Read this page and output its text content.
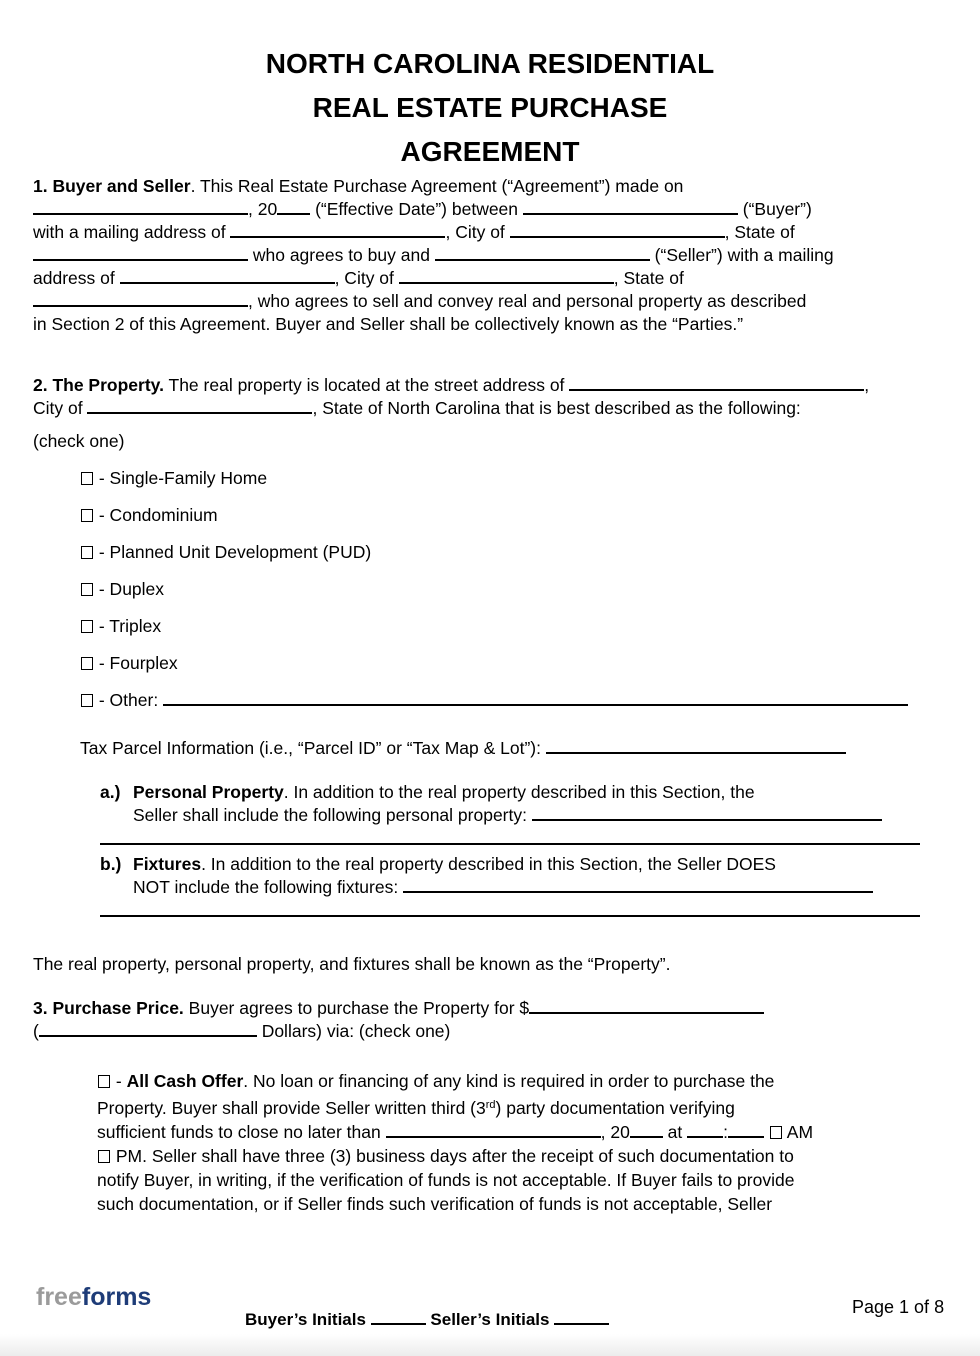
NORTH CAROLINA RESIDENTIAL
REAL ESTATE PURCHASE
AGREEMENT
1. Buyer and Seller. This Real Estate Purchase Agreement (“Agreement”) made on
, 20 (“Effective Date”) between	(“Buyer”)
with a mailing address of	, City of	, State of
who agrees to buy and	(“Seller”) with a mailing
address of	, City of	, State of
, who agrees to sell and convey real and personal property as described
in Section 2 of this Agreement. Buyer and Seller shall be collectively known as the “Parties.”
2. The Property. The real property is located at the street address of	,
City of	, State of North Carolina that is best described as the following:
(check one)
- Single-Family Home
- Condominium
- Planned Unit Development (PUD)
- Duplex
- Triplex
- Fourplex
- Other:
Tax Parcel Information (i.e., “Parcel ID” or “Tax Map & Lot”):
a.) Personal Property. In addition to the real property described in this Section, the
Seller shall include the following personal property:
b.) Fixtures. In addition to the real property described in this Section, the Seller DOES
NOT include the following fixtures:
The real property, personal property, and fixtures shall be known as the “Property”.
3. Purchase Price. Buyer agrees to purchase the Property for $
(	Dollars) via: (check one)
- All Cash Offer. No loan or financing of any kind is required in order to purchase the
Property. Buyer shall provide Seller written third (3rd) party documentation verifying
sufficient funds to close no later than	, 20 at :	AM
PM. Seller shall have three (3) business days after the receipt of such documentation to
notify Buyer, in writing, if the verification of funds is not acceptable. If Buyer fails to provide
such documentation, or if Seller finds such verification of funds is not acceptable, Seller
freeforms
Buyer’s Initials	Seller’s Initials
Page 1 of 8
